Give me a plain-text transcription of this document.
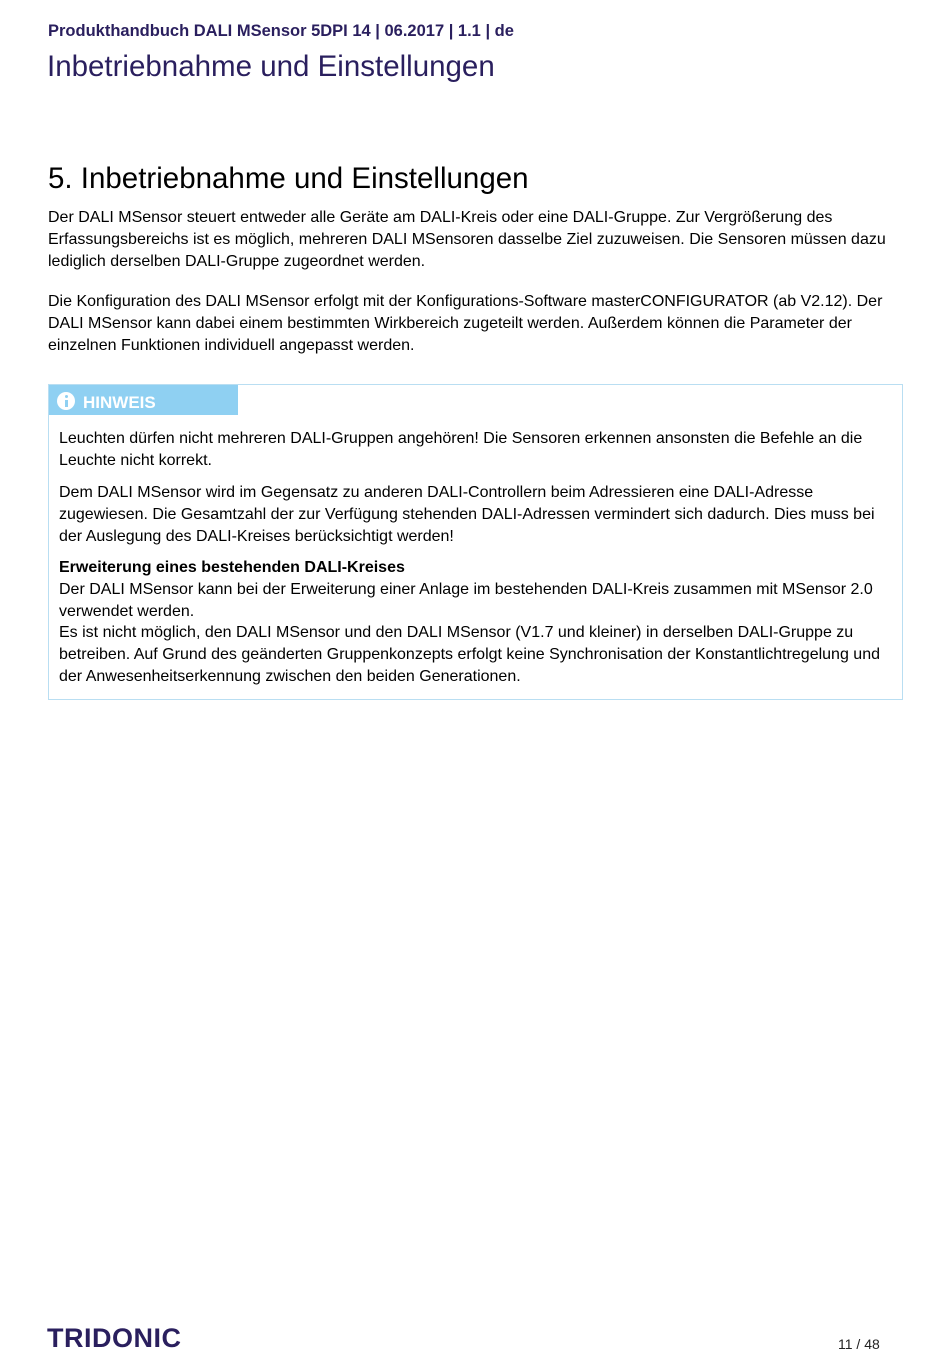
Produkthandbuch DALI MSensor 5DPI 14 | 06.2017 | 1.1 | de
Inbetriebnahme und Einstellungen
5. Inbetriebnahme und Einstellungen

Der DALI MSensor steuert entweder alle Geräte am DALI-Kreis oder eine DALI-Gruppe. Zur Vergrößerung des Erfassungsbereichs ist es möglich, mehreren DALI MSensoren dasselbe Ziel zuzuweisen. Die Sensoren müssen dazu lediglich derselben DALI-Gruppe zugeordnet werden.

Die Konfiguration des DALI MSensor erfolgt mit der Konfigurations-Software masterCONFIGURATOR (ab V2.12). Der DALI MSensor kann dabei einem bestimmten Wirkbereich zugeteilt werden. Außerdem können die Parameter der einzelnen Funktionen individuell angepasst werden.

HINWEIS

Leuchten dürfen nicht mehreren DALI-Gruppen angehören! Die Sensoren erkennen ansonsten die Befehle an die Leuchte nicht korrekt.

Dem DALI MSensor wird im Gegensatz zu anderen DALI-Controllern beim Adressieren eine DALI-Adresse zugewiesen. Die Gesamtzahl der zur Verfügung stehenden DALI-Adressen vermindert sich dadurch. Dies muss bei der Auslegung des DALI-Kreises berücksichtigt werden!

Erweiterung eines bestehenden DALI-Kreises
Der DALI MSensor kann bei der Erweiterung einer Anlage im bestehenden DALI-Kreis zusammen mit MSensor 2.0 verwendet werden.
Es ist nicht möglich, den DALI MSensor und den DALI MSensor (V1.7 und kleiner) in derselben DALI-Gruppe zu betreiben. Auf Grund des geänderten Gruppenkonzepts erfolgt keine Synchronisation der Konstantlichtregelung und der Anwesenheitserkennung zwischen den beiden Generationen.
TRIDONIC	11 / 48
